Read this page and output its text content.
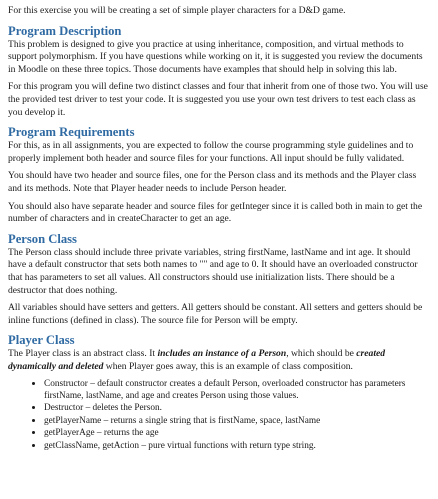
For this exercise you will be creating a set of simple player characters for a D&D game.

Program Description

This problem is designed to give you practice at using inheritance, composition, and virtual methods to support polymorphism. If you have questions while working on it, it is suggested you review the documents in Moodle on these three topics. Those documents have examples that should help in solving this lab.

For this program you will define two distinct classes and four that inherit from one of those two. You will use the provided test driver to test your code. It is suggested you use your own test drivers to test each class as you develop it.

Program Requirements

For this, as in all assignments, you are expected to follow the course programming style guidelines and to properly implement both header and source files for your functions. All input should be fully validated.

You should have two header and source files, one for the Person class and its methods and the Player class and its methods. Note that Player header needs to include Person header.

You should also have separate header and source files for getInteger since it is called both in main to get the number of characters and in createCharacter to get an age.

Person Class

The Person class should include three private variables, string firstName, lastName and int age. It should have a default constructor that sets both names to "" and age to 0. It should have an overloaded constructor that has parameters to set all values. All constructors should use initialization lists. There should be a destructor that does nothing.

All variables should have setters and getters. All getters should be constant. All setters and getters should be inline functions (defined in class). The source file for Person will be empty.

Player Class

The Player class is an abstract class. It includes an instance of a Person, which should be created dynamically and deleted when Player goes away, this is an example of class composition.

• Constructor – default constructor creates a default Person, overloaded constructor has parameters firstName, lastName, and age and creates Person using those values.
• Destructor – deletes the Person.
• getPlayerName – returns a single string that is firstName, space, lastName
• getPlayerAge – returns the age
• getClassName, getAction – pure virtual functions with return type string.
